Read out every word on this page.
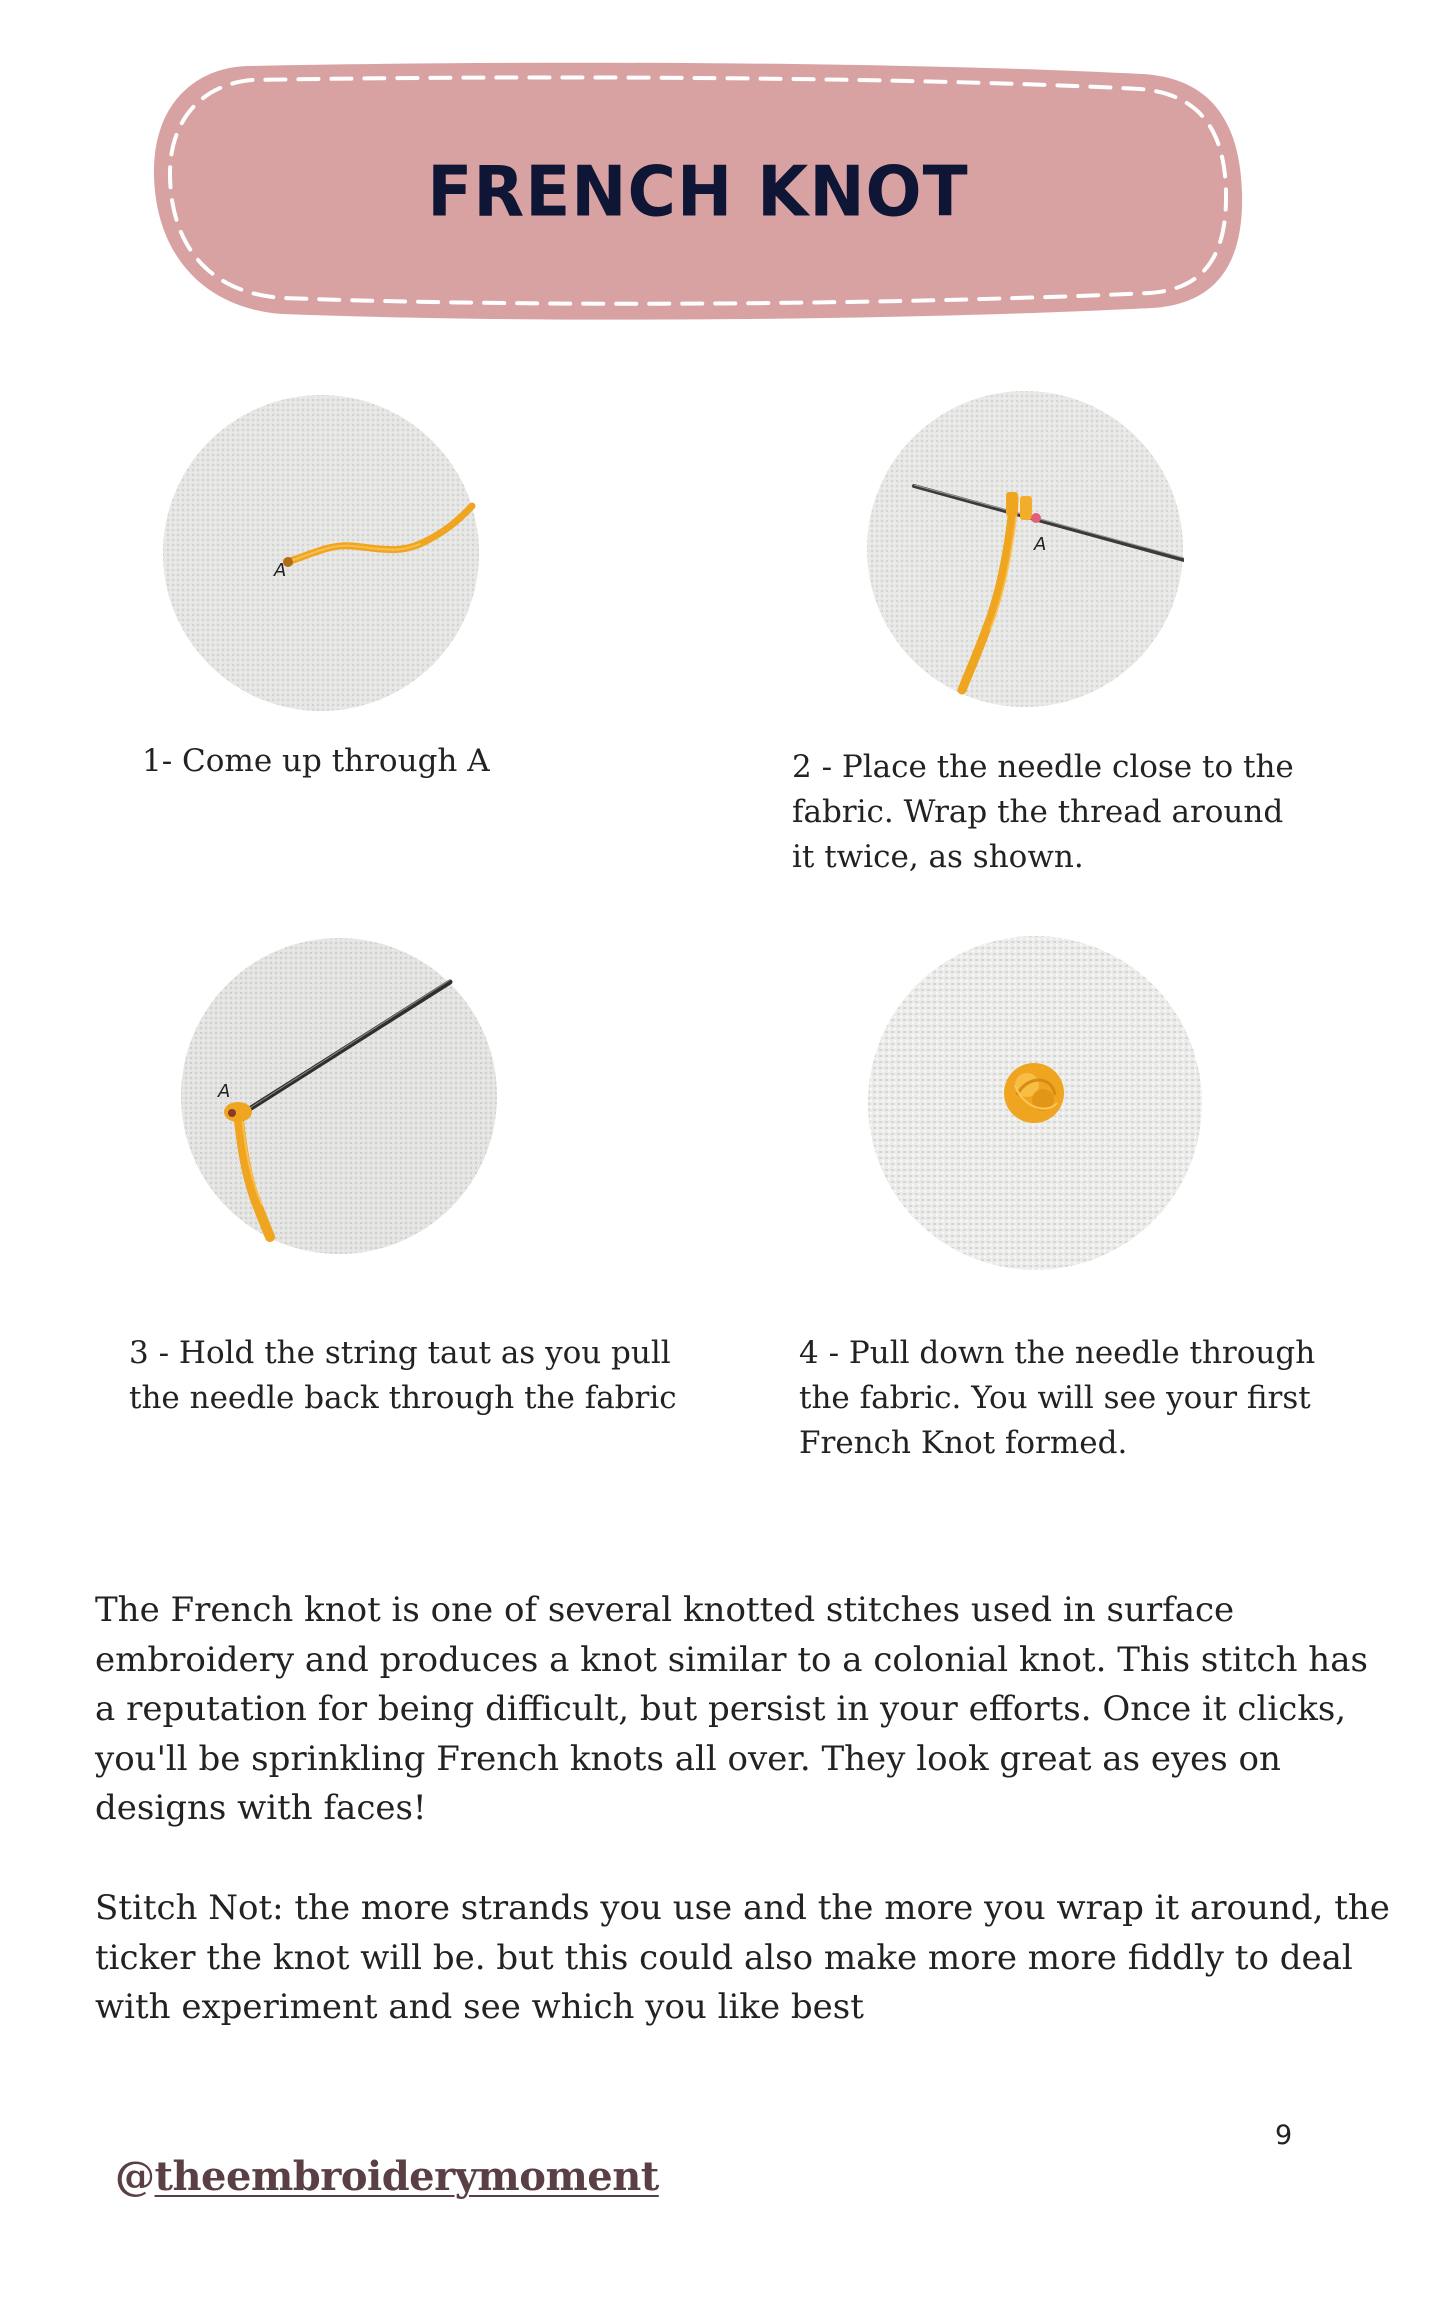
FRENCH KNOT
A
A
A
1- Come up through A	2 - Place the needle close to the fabric. Wrap the thread around it twice, as shown.
3 - Hold the string taut as you pull the needle back through the fabric
4 - Pull down the needle through the fabric. You will see your first French Knot formed.

The French knot is one of several knotted stitches used in surface embroidery and produces a knot similar to a colonial knot. This stitch has a reputation for being difficult, but persist in your efforts. Once it clicks, you'll be sprinkling French knots all over. They look great as eyes on designs with faces!

Stitch Not: the more strands you use and the more you wrap it around, the ticker the knot will be. but this could also make more more fiddly to deal with experiment and see which you like best

9
@theembroiderymoment
